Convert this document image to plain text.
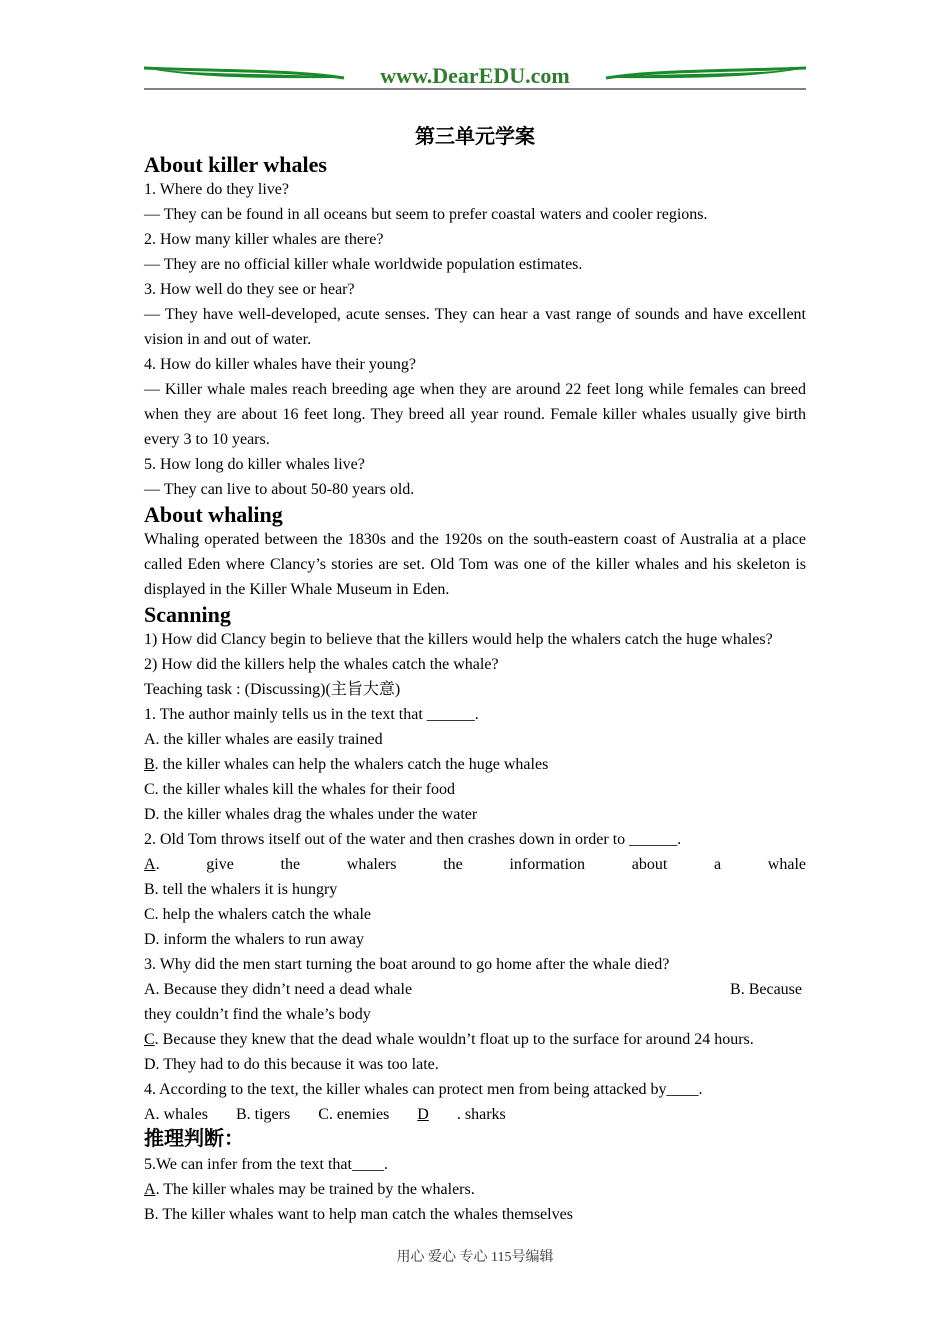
www.DearEDU.com
第三单元学案
About killer whales

1. Where do they live?

— They can be found in all oceans but seem to prefer coastal waters and cooler regions.

2. How many killer whales are there?

— They are no official killer whale worldwide population estimates.

3. How well do they see or hear?

— They have well-developed, acute senses. They can hear a vast range of sounds and have excellent vision in and out of water.

4. How do killer whales have their young?

— Killer whale males reach breeding age when they are around 22 feet long while females can breed when they are about 16 feet long. They breed all year round. Female killer whales usually give birth every 3 to 10 years.

5. How long do killer whales live?

— They can live to about 50-80 years old.

About whaling

Whaling operated between the 1830s and the 1920s on the south-eastern coast of Australia at a place called Eden where Clancy’s stories are set. Old Tom was one of the killer whales and his skeleton is displayed in the Killer Whale Museum in Eden.

Scanning

1) How did Clancy begin to believe that the killers would help the whalers catch the huge whales?

2) How did the killers help the whales catch the whale?

Teaching task : (Discussing)(主旨大意)

1. The author mainly tells us in the text that ______.

A. the killer whales are easily trained

B. the killer whales can help the whalers catch the huge whales

C. the killer whales kill the whales for their food

D. the killer whales drag the whales under the water

2. Old Tom throws itself out of the water and then crashes down in order to ______.

A.	give	the	whalers	the	information	about	a	whale

B. tell the whalers it is hungry

C. help the whalers catch the whale

D. inform the whalers to run away

3. Why did the men start turning the boat around to go home after the whale died?

A. Because they didn’t need a dead whale	B. Because

they couldn’t find the whale’s body

C. Because they knew that the dead whale wouldn’t float up to the surface for around 24 hours.

D. They had to do this because it was too late.

4. According to the text, the killer whales can protect men from being attacked by____.

A. whales B. tigers C. enemies D . sharks

推理判断：

5.We can infer from the text that____.

A. The killer whales may be trained by the whalers.

B. The killer whales want to help man catch the whales themselves

用心 爱心 专心 115号编辑
